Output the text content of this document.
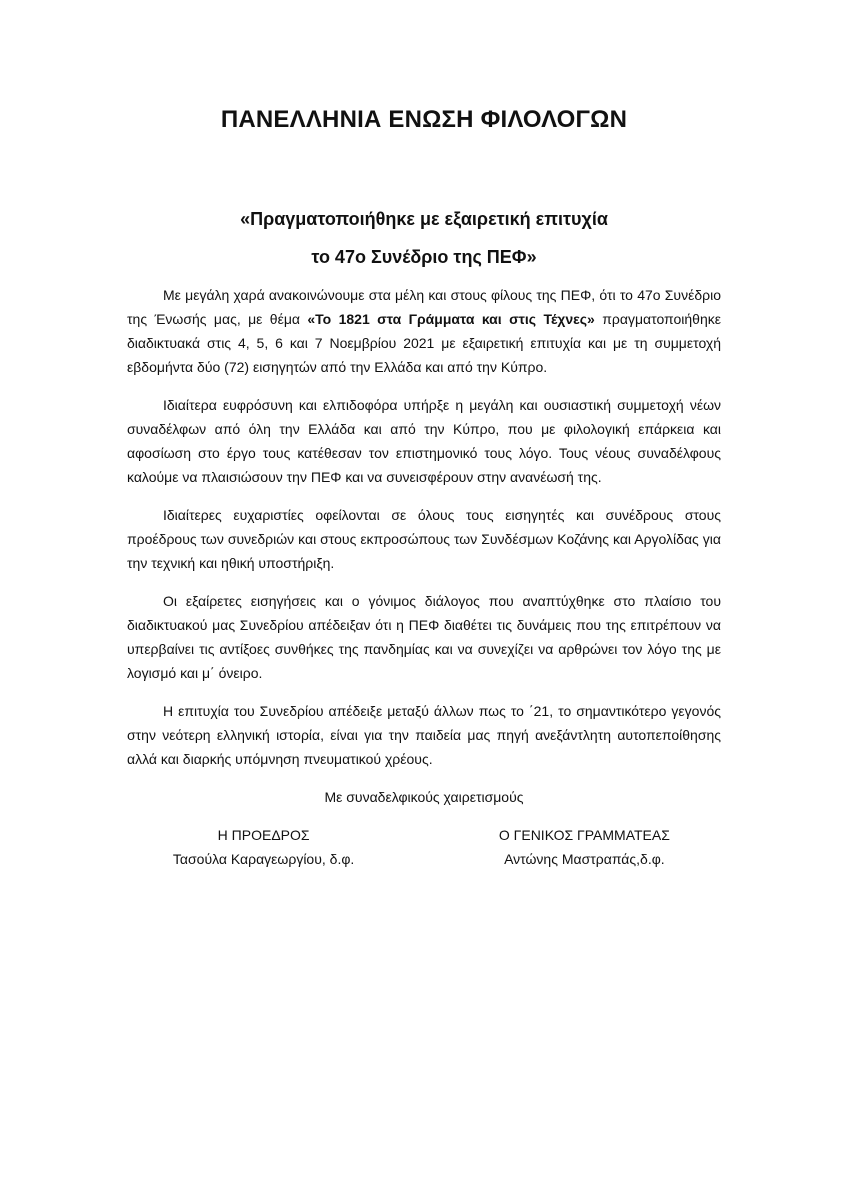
ΠΑΝΕΛΛΗΝΙΑ ΕΝΩΣΗ ΦΙΛΟΛΟΓΩΝ
«Πραγματοποιήθηκε με εξαιρετική επιτυχία
το 47ο Συνέδριο της ΠΕΦ»

Με μεγάλη χαρά ανακοινώνουμε στα μέλη και στους φίλους της ΠΕΦ, ότι το 47ο Συνέδριο της Ένωσής μας, με θέμα «Το 1821 στα Γράμματα και στις Τέχνες» πραγματοποιήθηκε διαδικτυακά στις 4, 5, 6 και 7 Νοεμβρίου 2021 με εξαιρετική επιτυχία και με τη συμμετοχή εβδομήντα δύο (72) εισηγητών από την Ελλάδα και από την Κύπρο.

Ιδιαίτερα ευφρόσυνη και ελπιδοφόρα υπήρξε η μεγάλη και ουσιαστική συμμετοχή νέων συναδέλφων από όλη την Ελλάδα και από την Κύπρο, που με φιλολογική επάρκεια και αφοσίωση στο έργο τους κατέθεσαν τον επιστημονικό τους λόγο. Τους νέους συναδέλφους καλούμε να πλαισιώσουν την ΠΕΦ και να συνεισφέρουν στην ανανέωσή της.

Ιδιαίτερες ευχαριστίες οφείλονται σε όλους τους εισηγητές και συνέδρους στους προέδρους των συνεδριών και στους εκπροσώπους των Συνδέσμων Κοζάνης και Αργολίδας για την τεχνική και ηθική υποστήριξη.

Οι εξαίρετες εισηγήσεις και ο γόνιμος διάλογος που αναπτύχθηκε στο πλαίσιο του διαδικτυακού μας Συνεδρίου απέδειξαν ότι η ΠΕΦ διαθέτει τις δυνάμεις που της επιτρέπουν να υπερβαίνει τις αντίξοες συνθήκες της πανδημίας και να συνεχίζει να αρθρώνει τον λόγο της με λογισμό και μ΄ όνειρο.

Η επιτυχία του Συνεδρίου απέδειξε μεταξύ άλλων πως το ΄21, το σημαντικότερο γεγονός στην νεότερη ελληνική ιστορία, είναι για την παιδεία μας πηγή ανεξάντλητη αυτοπεποίθησης αλλά και διαρκής υπόμνηση πνευματικού χρέους.

Με συναδελφικούς χαιρετισμούς
Η ΠΡΟΕΔΡΟΣ
Τασούλα Καραγεωργίου, δ.φ.
Ο ΓΕΝΙΚΟΣ ΓΡΑΜΜΑΤΕΑΣ
Αντώνης Μαστραπάς,δ.φ.
